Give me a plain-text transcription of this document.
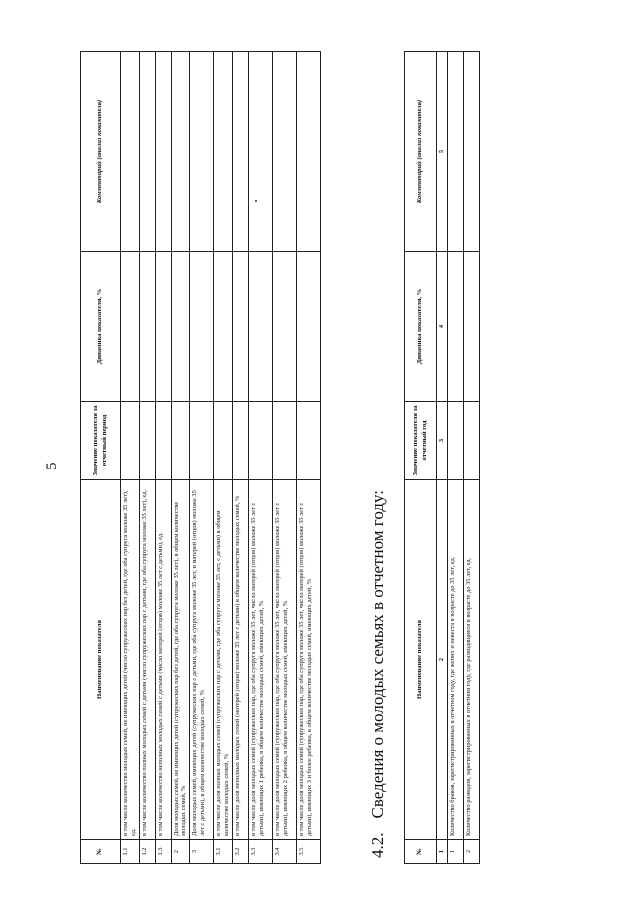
5
№	Наименование показателя	Значение показателя за отчетный период	Динамика показателя, %	Комментарий (анализ показателя)
1.1	в том числе количество молодых семей, не имеющих детей (число супружеских пар без детей, где оба супруга моложе 35 лет), ед.			
1.2	в том числе количество полных молодых семей с детьми (число супружеских пар с детьми, где оба супруга моложе 35 лет), ед.			
1.3	в том числе количество неполных молодых семей с детьми (число матерей (отцов) моложе 35 лет с детьми), ед.			
2	Доля молодых семей, не имеющих детей (супружеских пар без детей, где оба супруга моложе 35 лет), в общем количестве молодых семей, %			
3	Доля молодых семей, имеющих детей (супружеских пар с детьми, где оба супруга моложе 35 лет, и матерей (отцов) моложе 35 лет с детьми), в общем количестве молодых семей, %			
3.1	в том числе доля полных молодых семей (супружеских пар с детьми, где оба супруга моложе 35 лет, с детьми) в общем количестве молодых семей, %			
3.2	в том числе доля неполных молодых семей (матерей (отцов) моложе 35 лет с детьми) в общем количестве молодых семей, %			
3.3	в том числе доля молодых семей (супружеских пар, где оба супруга моложе 35 лет, число матерей (отцов) моложе 35 лет с детьми), имеющих 1 ребенка, в общем количестве молодых семей, имеющих детей, %			
3.4	в том числе доля молодых семей (супружеских пар, где оба супруга моложе 35 лет, число матерей (отцов) моложе 35 лет с детьми), имеющих 2 ребенка, в общем количестве молодых семей, имеющих детей, %			
3.5	в том числе доля молодых семей (супружеских пар, где оба супруга моложе 35 лет, число матерей (отцов) моложе 35 лет с детьми), имеющих 3 и более ребенка, в общем количестве молодых семей, имеющих детей, %			
4.2.Сведения о молодых семьях в отчетном году:
№	Наименование показателя	Значение показателя за отчетный год	Динамика показателя, %	Комментарий (анализ показателя)
1	2	3	4	5
1	Количество браков, зарегистрированных в отчетном году, где жених и невеста в возрасте до 35 лет, ед.			
2	Количество разводов, зарегистрированных в отчетном году, где разводящиеся в возрасте до 35 лет, ед.			
